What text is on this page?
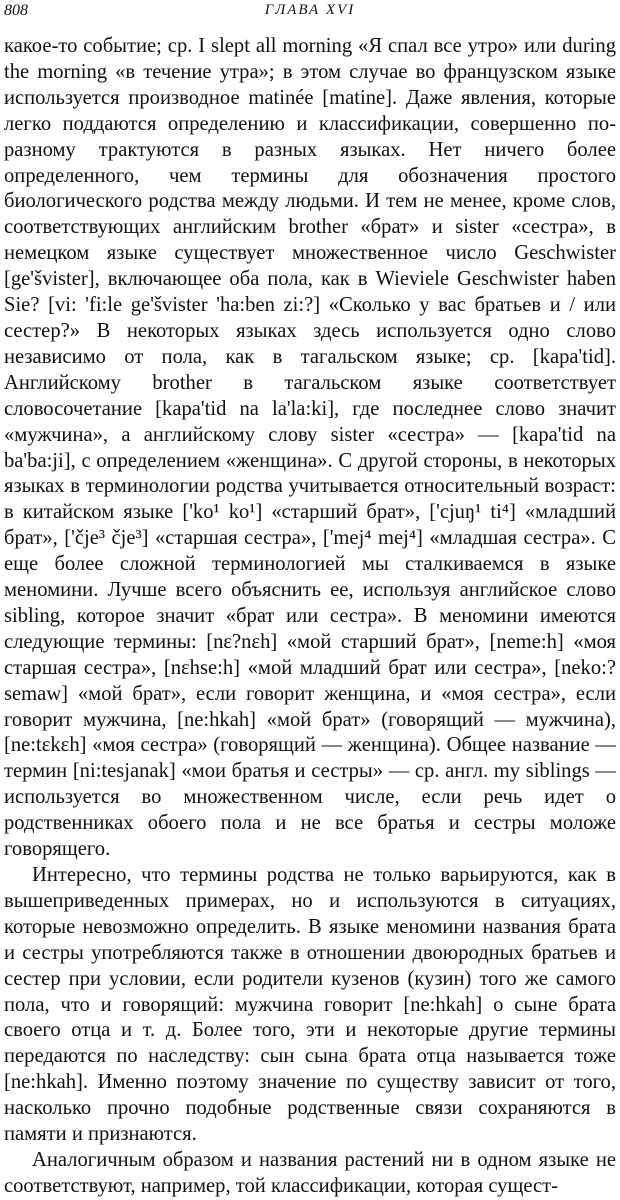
808	ГЛАВА XVI

какое-то событие; ср. I slept all morning «Я спал все утро» или during the morning «в течение утра»; в этом случае во французском языке используется производное matinée [matine]. Даже явления, которые легко поддаются определению и классификации, совершенно по-разному трактуются в разных языках. Нет ничего более определенного, чем термины для обозначения простого биологического родства между людьми. И тем не менее, кроме слов, соответствующих английским brother «брат» и sister «сестра», в немецком языке существует множественное число Geschwister [ge'švister], включающее оба пола, как в Wieviele Geschwister haben Sie? [vi: 'fi:le ge'švister 'ha:ben zi:?] «Сколько у вас братьев и / или сестер?» В некоторых языках здесь используется одно слово независимо от пола, как в тагальском языке; ср. [kapa'tid]. Английскому brother в тагальском языке соответствует словосочетание [kapa'tid na la'la:ki], где последнее слово значит «мужчина», а английскому слову sister «сестра» — [kapa'tid na ba'ba:ji], с определением «женщина». С другой стороны, в некоторых языках в терминологии родства учитывается относительный возраст: в китайском языке ['ko¹ ko¹] «старший брат», ['cjuŋ¹ ti⁴] «младший брат», ['čje³ čje³] «старшая сестра», ['mej⁴ mej⁴] «младшая сестра». С еще более сложной терминологией мы сталкиваемся в языке меномини. Лучше всего объяснить ее, используя английское слово sibling, которое значит «брат или сестра». В меномини имеются следующие термины: [nɛ?nɛh] «мой старший брат», [neme:h] «моя старшая сестра», [nɛhse:h] «мой младший брат или сестра», [neko:?semaw] «мой брат», если говорит женщина, и «моя сестра», если говорит мужчина, [ne:hkah] «мой брат» (говорящий — мужчина), [ne:tɛkɛh] «моя сестра» (говорящий — женщина). Общее название — термин [ni:tesjanak] «мои братья и сестры» — ср. англ. my siblings — используется во множественном числе, если речь идет о родственниках обоего пола и не все братья и сестры моложе говорящего.

Интересно, что термины родства не только варьируются, как в вышеприведенных примерах, но и используются в ситуациях, которые невозможно определить. В языке меномини названия брата и сестры употребляются также в отношении двоюродных братьев и сестер при условии, если родители кузенов (кузин) того же самого пола, что и говорящий: мужчина говорит [ne:hkah] о сыне брата своего отца и т. д. Более того, эти и некоторые другие термины передаются по наследству: сын сына брата отца называется тоже [ne:hkah]. Именно поэтому значение по существу зависит от того, насколько прочно подобные родственные связи сохраняются в памяти и признаются.

Аналогичным образом и названия растений ни в одном языке не соответствуют, например, той классификации, которая сущест-
